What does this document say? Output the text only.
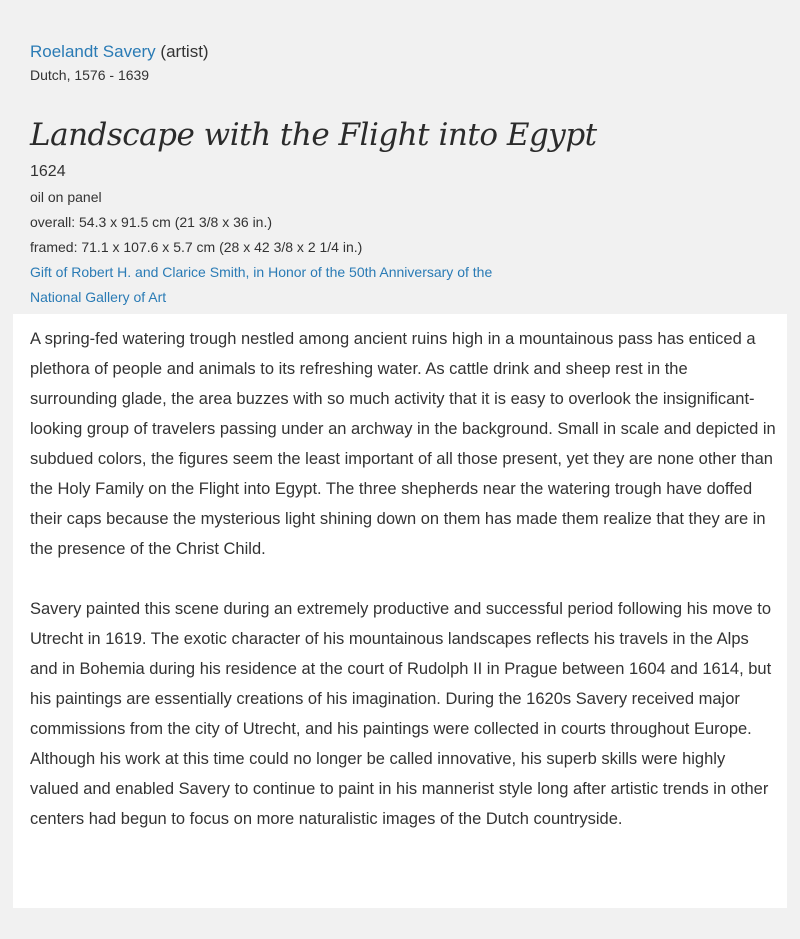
Roelandt Savery (artist)
Dutch, 1576 - 1639
Landscape with the Flight into Egypt
1624
oil on panel
overall: 54.3 x 91.5 cm (21 3/8 x 36 in.)
framed: 71.1 x 107.6 x 5.7 cm (28 x 42 3/8 x 2 1/4 in.)
Gift of Robert H. and Clarice Smith, in Honor of the 50th Anniversary of the
National Gallery of Art

A spring-fed watering trough nestled among ancient ruins high in a mountainous pass has enticed a plethora of people and animals to its refreshing water. As cattle drink and sheep rest in the surrounding glade, the area buzzes with so much activity that it is easy to overlook the insignificant-looking group of travelers passing under an archway in the background. Small in scale and depicted in subdued colors, the figures seem the least important of all those present, yet they are none other than the Holy Family on the Flight into Egypt. The three shepherds near the watering trough have doffed their caps because the mysterious light shining down on them has made them realize that they are in the presence of the Christ Child.

Savery painted this scene during an extremely productive and successful period following his move to Utrecht in 1619. The exotic character of his mountainous landscapes reflects his travels in the Alps and in Bohemia during his residence at the court of Rudolph II in Prague between 1604 and 1614, but his paintings are essentially creations of his imagination. During the 1620s Savery received major commissions from the city of Utrecht, and his paintings were collected in courts throughout Europe. Although his work at this time could no longer be called innovative, his superb skills were highly valued and enabled Savery to continue to paint in his mannerist style long after artistic trends in other centers had begun to focus on more naturalistic images of the Dutch countryside.
